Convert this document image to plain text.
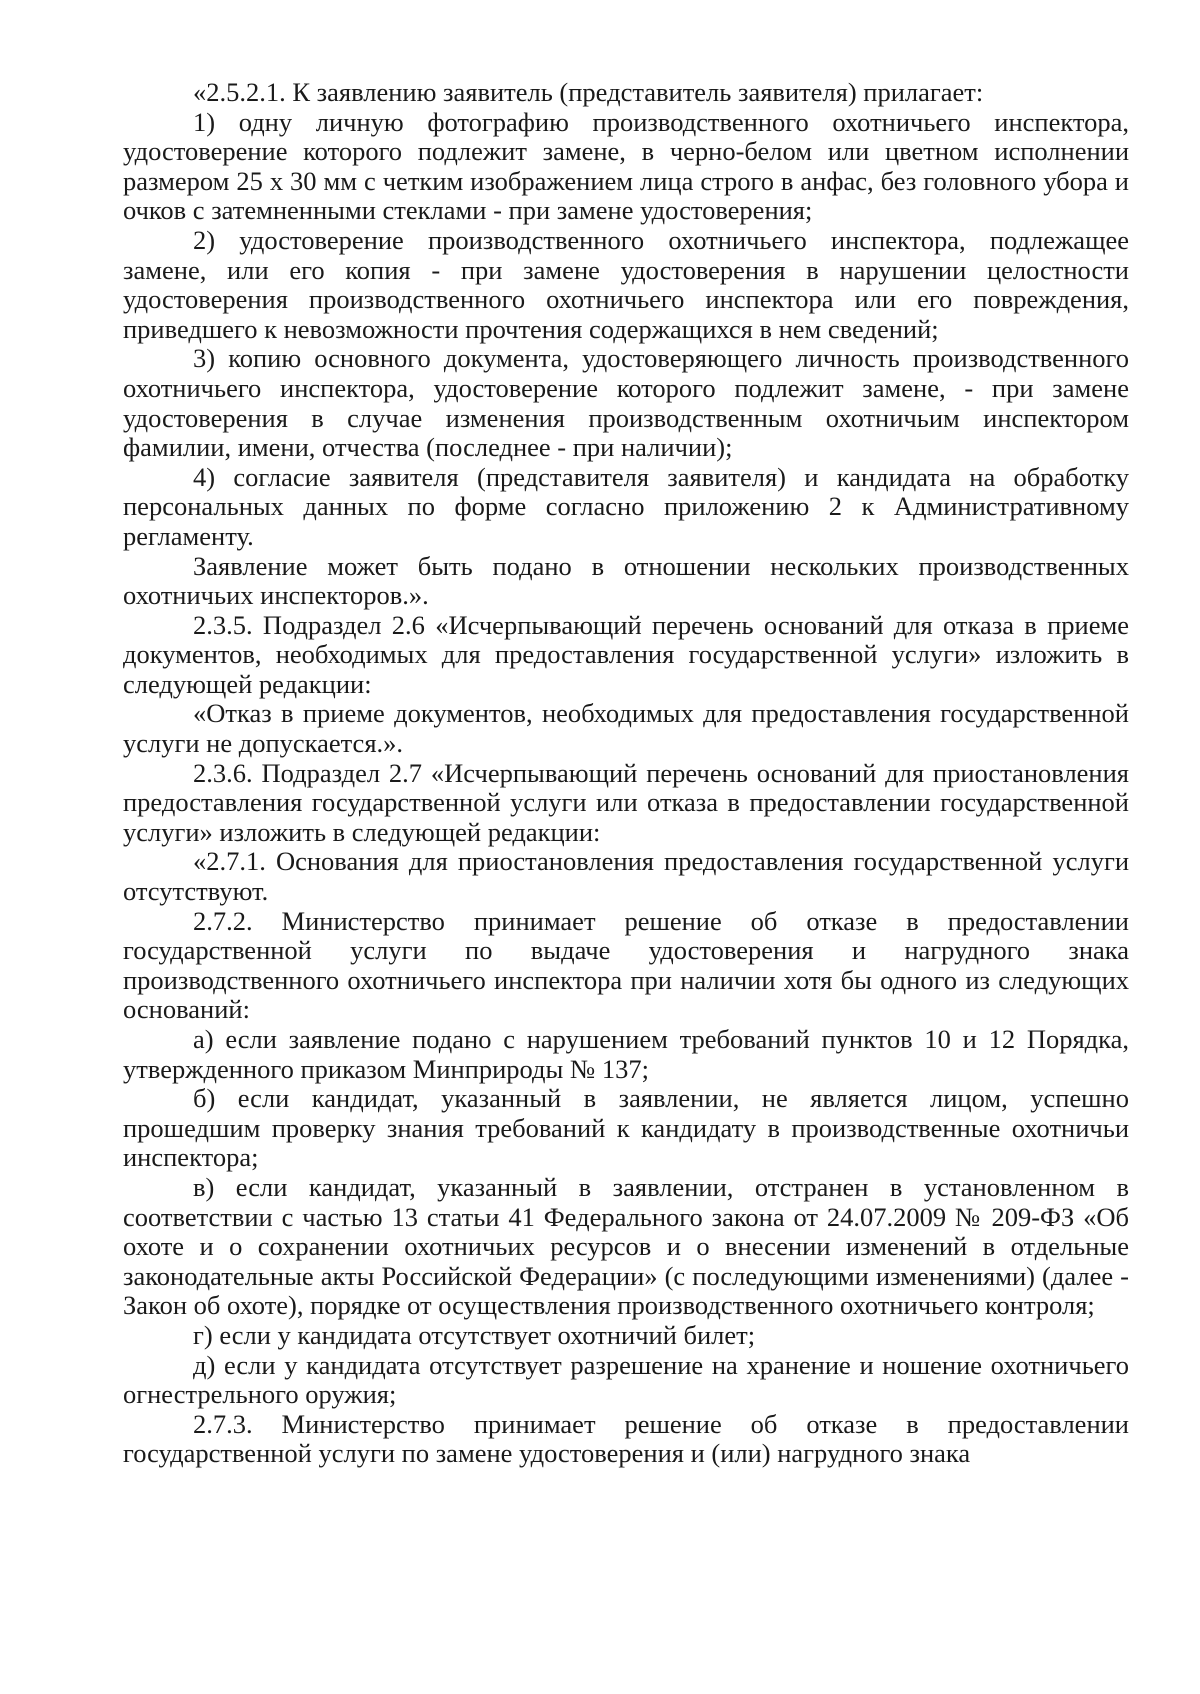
«2.5.2.1. К заявлению заявитель (представитель заявителя) прилагает:

1) одну личную фотографию производственного охотничьего инспектора, удостоверение которого подлежит замене, в черно-белом или цветном исполнении размером 25 х 30 мм с четким изображением лица строго в анфас, без головного убора и очков с затемненными стеклами - при замене удостоверения;

2) удостоверение производственного охотничьего инспектора, подлежащее замене, или его копия - при замене удостоверения в нарушении целостности удостоверения производственного охотничьего инспектора или его повреждения, приведшего к невозможности прочтения содержащихся в нем сведений;

3) копию основного документа, удостоверяющего личность производственного охотничьего инспектора, удостоверение которого подлежит замене, - при замене удостоверения в случае изменения производственным охотничьим инспектором фамилии, имени, отчества (последнее - при наличии);

4) согласие заявителя (представителя заявителя) и кандидата на обработку персональных данных по форме согласно приложению 2 к Административному регламенту.

Заявление может быть подано в отношении нескольких производственных охотничьих инспекторов.».

2.3.5. Подраздел 2.6 «Исчерпывающий перечень оснований для отказа в приеме документов, необходимых для предоставления государственной услуги» изложить в следующей редакции:

«Отказ в приеме документов, необходимых для предоставления государственной услуги не допускается.».

2.3.6. Подраздел 2.7 «Исчерпывающий перечень оснований для приостановления предоставления государственной услуги или отказа в предоставлении государственной услуги» изложить в следующей редакции:

«2.7.1. Основания для приостановления предоставления государственной услуги отсутствуют.

2.7.2. Министерство принимает решение об отказе в предоставлении государственной услуги по выдаче удостоверения и нагрудного знака производственного охотничьего инспектора при наличии хотя бы одного из следующих оснований:

а) если заявление подано с нарушением требований пунктов 10 и 12 Порядка, утвержденного приказом Минприроды № 137;

б) если кандидат, указанный в заявлении, не является лицом, успешно прошедшим проверку знания требований к кандидату в производственные охотничьи инспектора;

в) если кандидат, указанный в заявлении, отстранен в установленном в соответствии с частью 13 статьи 41 Федерального закона от 24.07.2009 № 209-ФЗ «Об охоте и о сохранении охотничьих ресурсов и о внесении изменений в отдельные законодательные акты Российской Федерации» (с последующими изменениями) (далее - Закон об охоте), порядке от осуществления производственного охотничьего контроля;

г) если у кандидата отсутствует охотничий билет;

д) если у кандидата отсутствует разрешение на хранение и ношение охотничьего огнестрельного оружия;

2.7.3. Министерство принимает решение об отказе в предоставлении государственной услуги по замене удостоверения и (или) нагрудного знака
